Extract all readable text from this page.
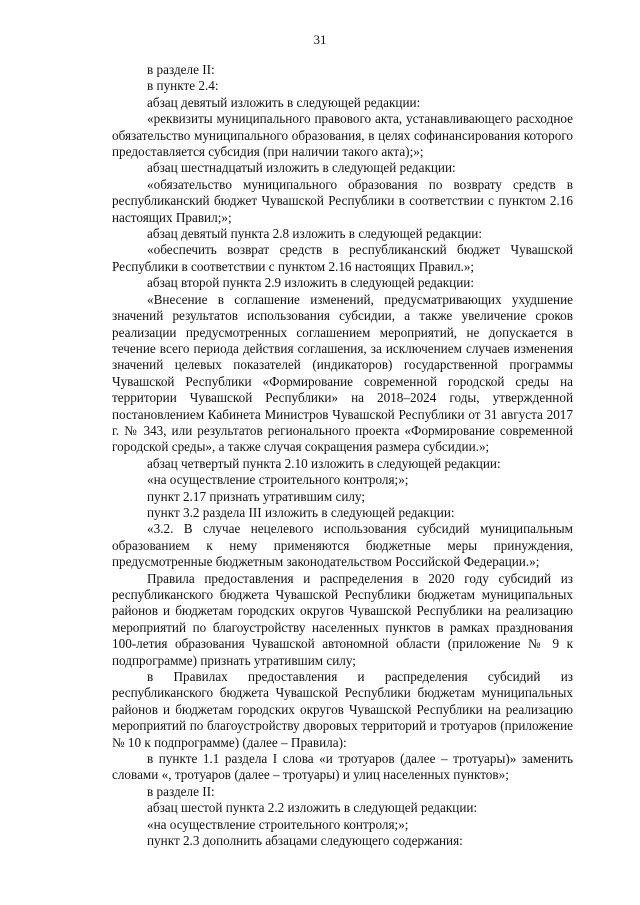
31

в разделе II:

в пункте 2.4:

абзац девятый изложить в следующей редакции:

«реквизиты муниципального правового акта, устанавливающего расходное обязательство муниципального образования, в целях софинансирования которого предоставляется субсидия (при наличии такого акта);»;

абзац шестнадцатый изложить в следующей редакции:

«обязательство муниципального образования по возврату средств в республиканский бюджет Чувашской Республики в соответствии с пунктом 2.16 настоящих Правил;»;

абзац девятый пункта 2.8 изложить в следующей редакции:

«обеспечить возврат средств в республиканский бюджет Чувашской Республики в соответствии с пунктом 2.16 настоящих Правил.»;

абзац второй пункта 2.9 изложить в следующей редакции:

«Внесение в соглашение изменений, предусматривающих ухудшение значений результатов использования субсидии, а также увеличение сроков реализации предусмотренных соглашением мероприятий, не допускается в течение всего периода действия соглашения, за исключением случаев изменения значений целевых показателей (индикаторов) государственной программы Чувашской Республики «Формирование современной городской среды на территории Чувашской Республики» на 2018–2024 годы, утвержденной постановлением Кабинета Министров Чувашской Республики от 31 августа 2017 г. № 343, или результатов регионального проекта «Формирование современной городской среды», а также случая сокращения размера субсидии.»;

абзац четвертый пункта 2.10 изложить в следующей редакции:

«на осуществление строительного контроля;»;

пункт 2.17 признать утратившим силу;

пункт 3.2 раздела III изложить в следующей редакции:

«3.2. В случае нецелевого использования субсидий муниципальным образованием к нему применяются бюджетные меры принуждения, предусмотренные бюджетным законодательством Российской Федерации.»;

Правила предоставления и распределения в 2020 году субсидий из республиканского бюджета Чувашской Республики бюджетам муниципальных районов и бюджетам городских округов Чувашской Республики на реализацию мероприятий по благоустройству населенных пунктов в рамках празднования 100-летия образования Чувашской автономной области (приложение № 9 к подпрограмме) признать утратившим силу;

в Правилах предоставления и распределения субсидий из республиканского бюджета Чувашской Республики бюджетам муниципальных районов и бюджетам городских округов Чувашской Республики на реализацию мероприятий по благоустройству дворовых территорий и тротуаров (приложение № 10 к подпрограмме) (далее – Правила):

в пункте 1.1 раздела I слова «и тротуаров (далее – тротуары)» заменить словами «, тротуаров (далее – тротуары) и улиц населенных пунктов»;

в разделе II:

абзац шестой пункта 2.2 изложить в следующей редакции:

«на осуществление строительного контроля;»;

пункт 2.3 дополнить абзацами следующего содержания:
